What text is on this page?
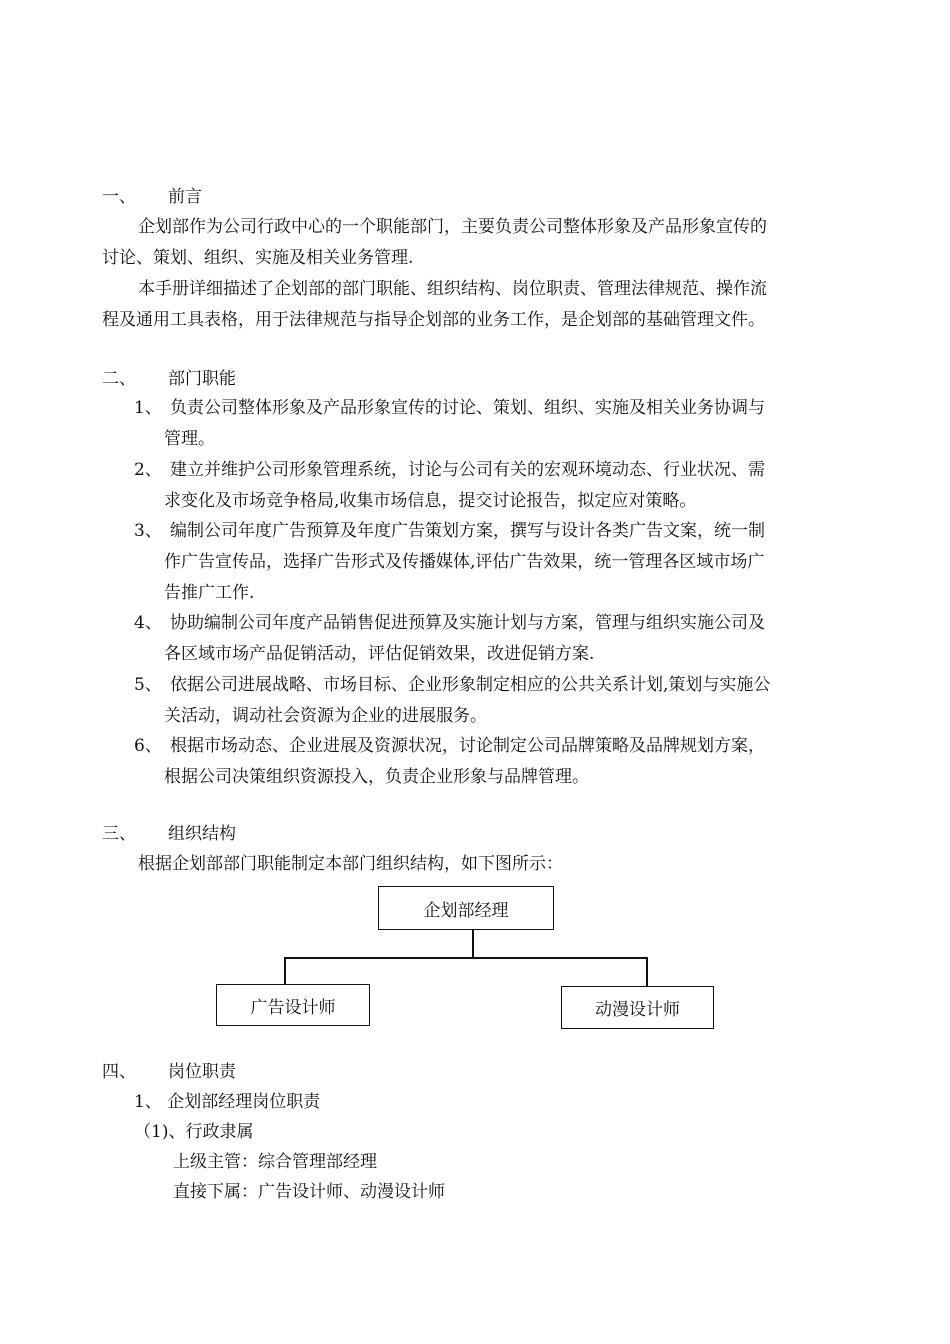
一、 前言
企划部作为公司行政中心的一个职能部门，主要负责公司整体形象及产品形象宣传的
讨论、策划、组织、实施及相关业务管理.
本手册详细描述了企划部的部门职能、组织结构、岗位职责、管理法律规范、操作流
程及通用工具表格，用于法律规范与指导企划部的业务工作，是企划部的基础管理文件。
二、 部门职能
1、 负责公司整体形象及产品形象宣传的讨论、策划、组织、实施及相关业务协调与
管理。
2、 建立并维护公司形象管理系统，讨论与公司有关的宏观环境动态、行业状况、需
求变化及市场竞争格局,收集市场信息，提交讨论报告，拟定应对策略。
3、 编制公司年度广告预算及年度广告策划方案，撰写与设计各类广告文案，统一制
作广告宣传品，选择广告形式及传播媒体,评估广告效果，统一管理各区域市场广
告推广工作.
4、 协助编制公司年度产品销售促进预算及实施计划与方案，管理与组织实施公司及
各区域市场产品促销活动，评估促销效果，改进促销方案.
5、 依据公司进展战略、市场目标、企业形象制定相应的公共关系计划,策划与实施公
关活动，调动社会资源为企业的进展服务。
6、 根据市场动态、企业进展及资源状况，讨论制定公司品牌策略及品牌规划方案，
根据公司决策组织资源投入，负责企业形象与品牌管理。
三、 组织结构
根据企划部部门职能制定本部门组织结构，如下图所示：
企划部经理
广告设计师	动漫设计师
四、 岗位职责
1、 企划部经理岗位职责
（1)、行政隶属
上级主管：综合管理部经理
直接下属：广告设计师、动漫设计师
